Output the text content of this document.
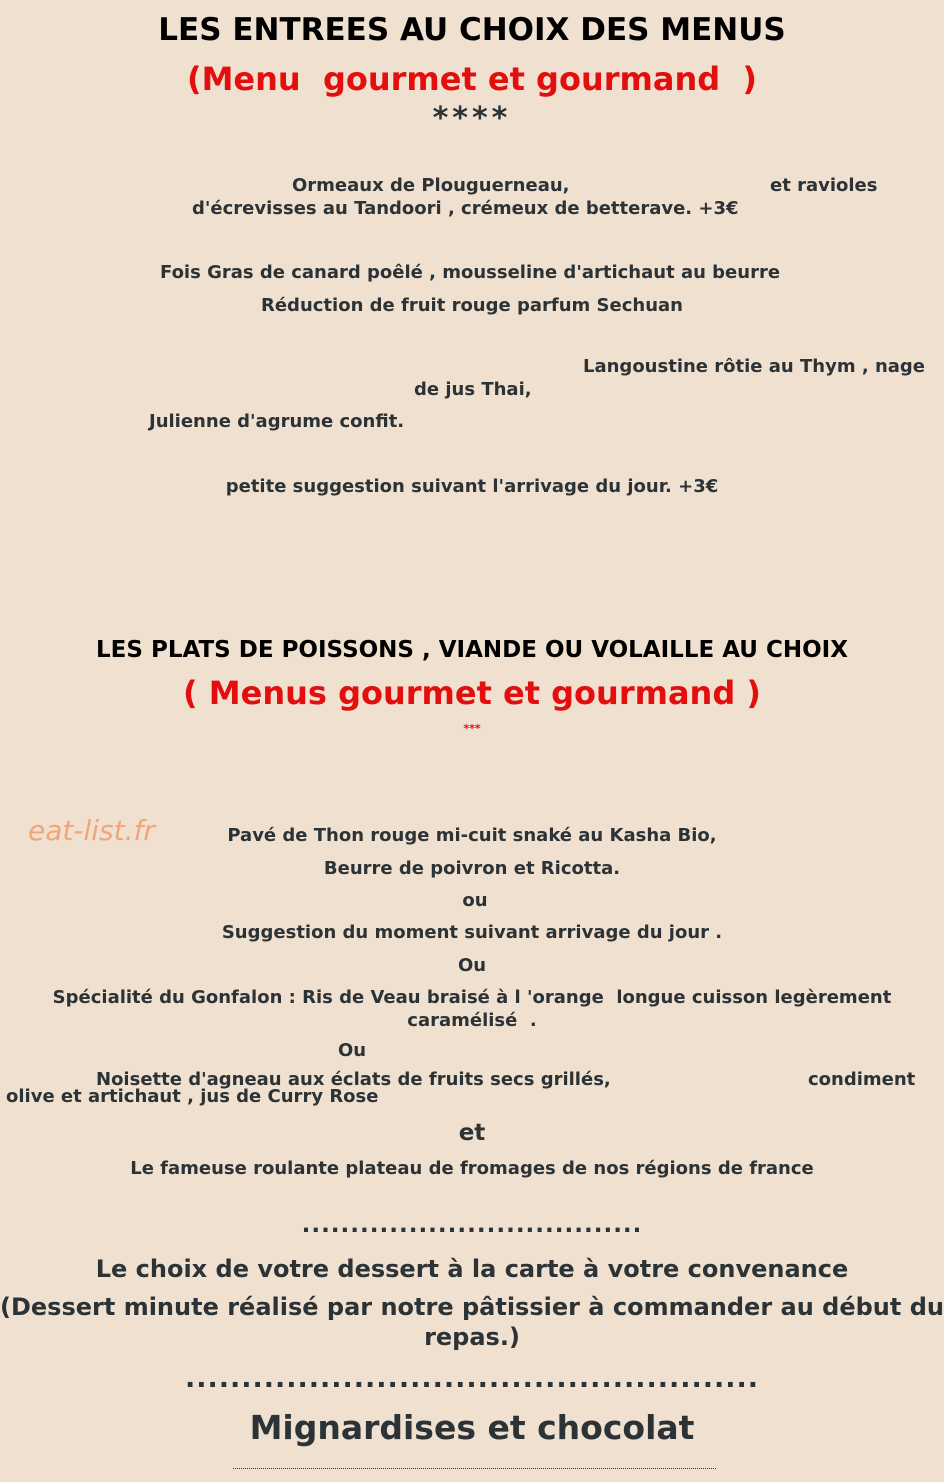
LES ENTREES AU CHOIX DES MENUS
(Menu  gourmet et gourmand  )
****
Ormeaux de Plouguerneau,	et ravioles
d'écrevisses au Tandoori , crémeux de betterave. +3€
Fois Gras de canard poêlé , mousseline d'artichaut au beurre
Réduction de fruit rouge parfum Sechuan
Langoustine rôtie au Thym , nage
de jus Thai,
Julienne d'agrume confit.
petite suggestion suivant l'arrivage du jour. +3€
LES PLATS DE POISSONS , VIANDE OU VOLAILLE AU CHOIX
( Menus gourmet et gourmand )
***
eat-list.fr	Pavé de Thon rouge mi-cuit snaké au Kasha Bio,
Beurre de poivron et Ricotta.
ou
Suggestion du moment suivant arrivage du jour .
Ou
Spécialité du Gonfalon : Ris de Veau braisé à l 'orange  longue cuisson legèrement
caramélisé  .
Ou
Noisette d'agneau aux éclats de fruits secs grillés,	condiment
olive et artichaut , jus de Curry Rose
et
Le fameuse roulante plateau de fromages de nos régions de france
...................................
Le choix de votre dessert à la carte à votre convenance
(Dessert minute réalisé par notre pâtissier à commander au début du
repas.)
...................................................
Mignardises et chocolat
